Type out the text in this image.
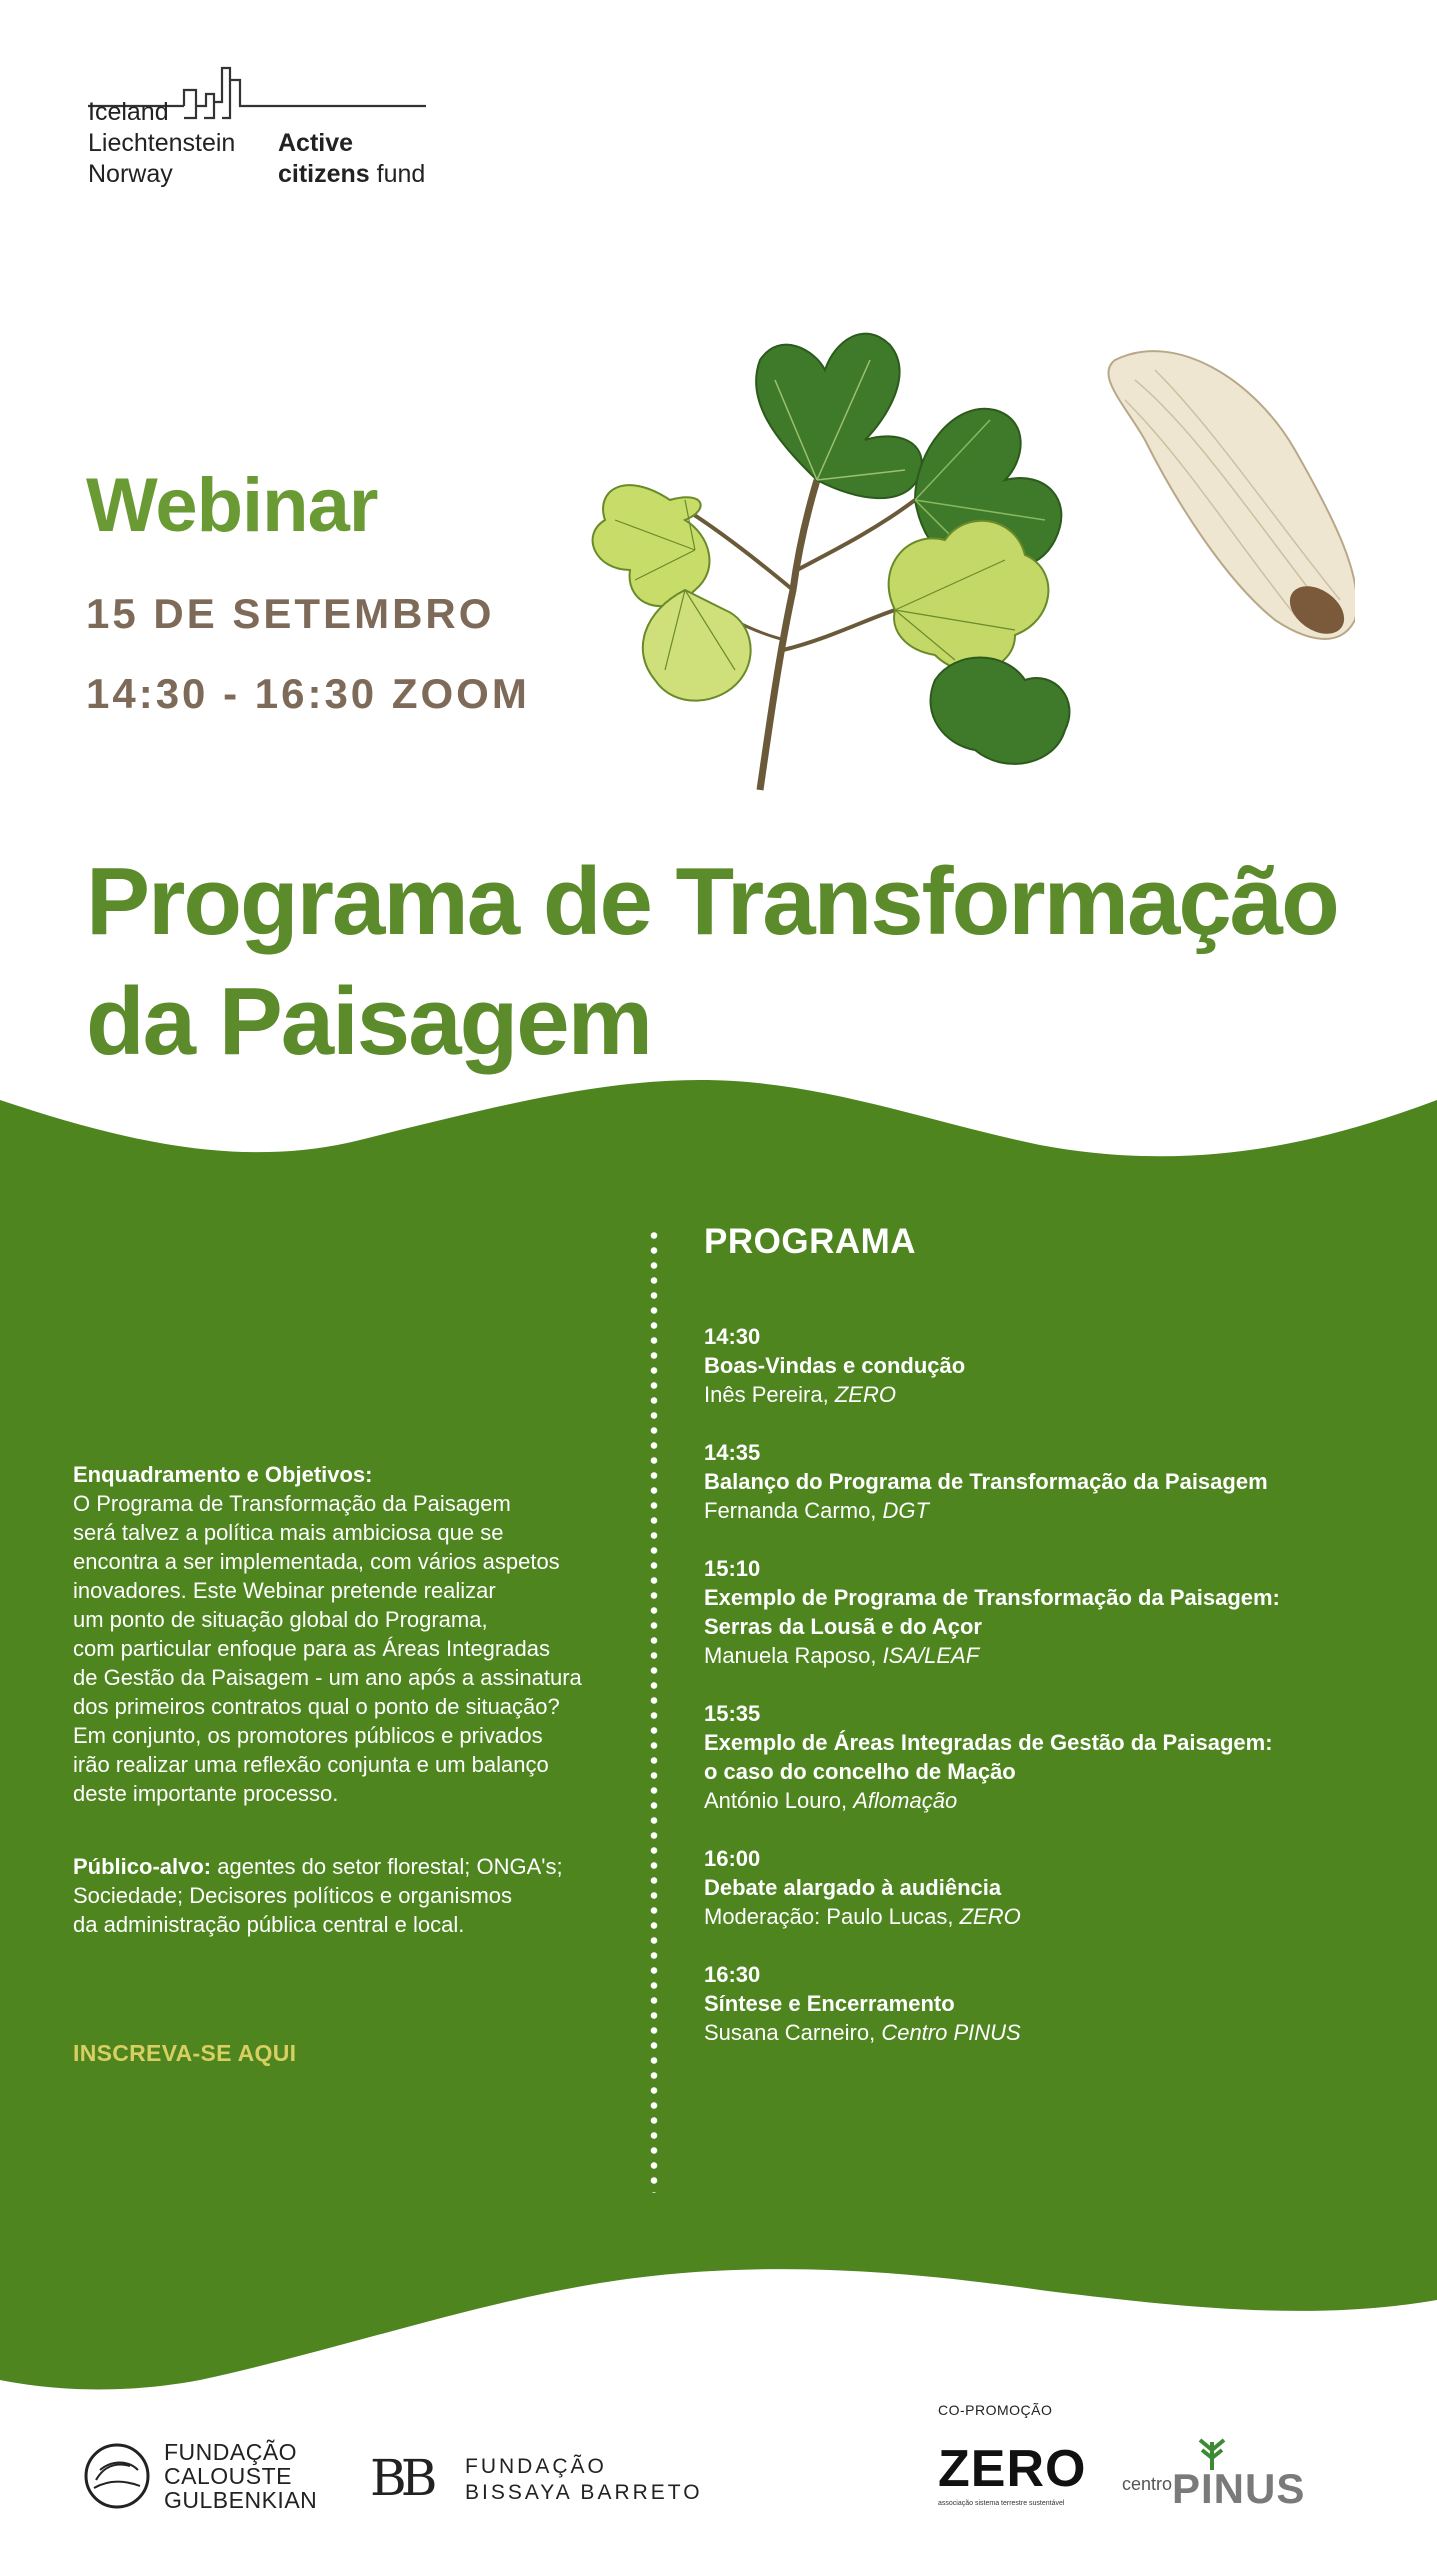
Iceland
Liechtenstein
Norway
Active
citizens fund
Webinar
15 DE SETEMBRO
14:30 - 16:30 ZOOM
Programa de Transformação
da Paisagem

Enquadramento e Objetivos:

O Programa de Transformação da Paisagem

será talvez a política mais ambiciosa que se

encontra a ser implementada, com vários aspetos

inovadores. Este Webinar pretende realizar

um ponto de situação global do Programa,

com particular enfoque para as Áreas Integradas

de Gestão da Paisagem - um ano após a assinatura

dos primeiros contratos qual o ponto de situação?

Em conjunto, os promotores públicos e privados

irão realizar uma reflexão conjunta e um balanço

deste importante processo.

Público-alvo: agentes do setor florestal; ONGA's;

Sociedade; Decisores políticos e organismos

da administração pública central e local.

INSCREVA-SE AQUI
PROGRAMA
14:30
Boas-Vindas e condução
Inês Pereira, ZERO
14:35
Balanço do Programa de Transformação da Paisagem
Fernanda Carmo, DGT
15:10
Exemplo de Programa de Transformação da Paisagem:
Serras da Lousã e do Açor
Manuela Raposo, ISA/LEAF
15:35
Exemplo de Áreas Integradas de Gestão da Paisagem:
o caso do concelho de Mação
António Louro, Aflomação
16:00
Debate alargado à audiência
Moderação: Paulo Lucas, ZERO
16:30
Síntese e Encerramento
Susana Carneiro, Centro PINUS
FUNDAÇÃO
CALOUSTE
GULBENKIAN BB FUNDAÇÃO
BISSAYA BARRETO
CO-PROMOÇÃO
ZERO
associação sistema terrestre sustentável
centro PINUS
